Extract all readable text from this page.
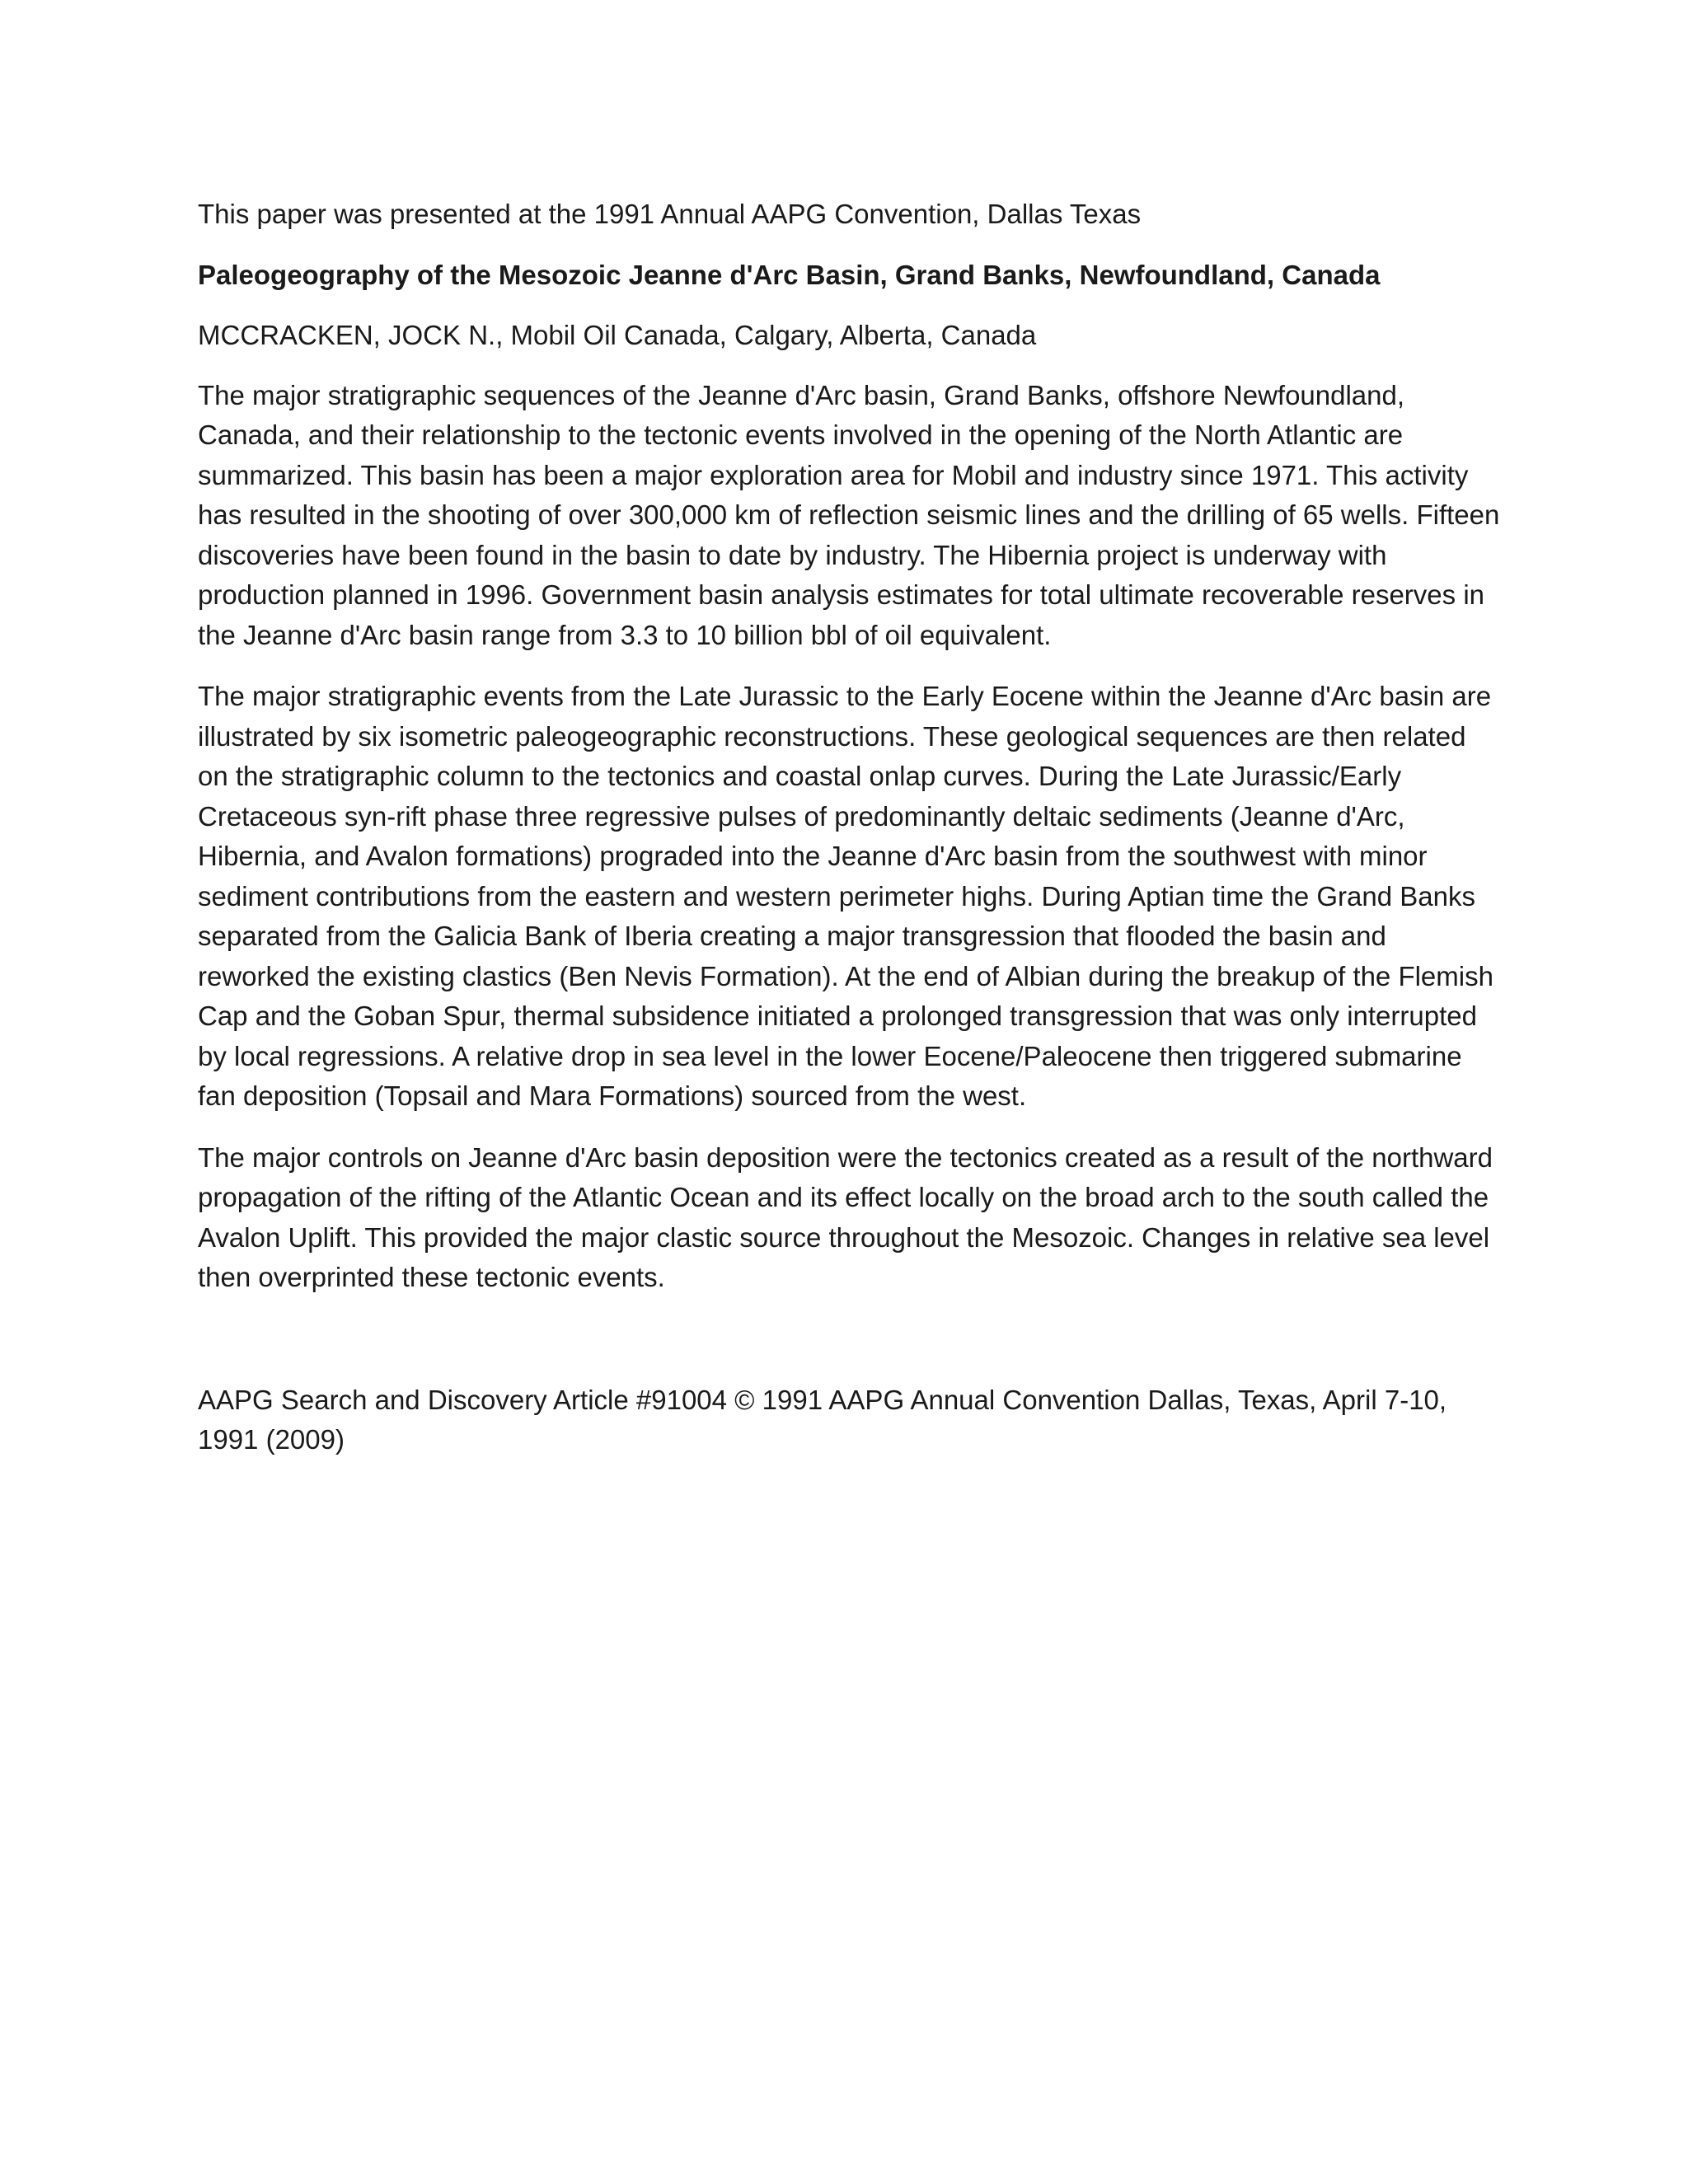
This paper was presented at the 1991 Annual AAPG Convention, Dallas Texas

Paleogeography of the Mesozoic Jeanne d'Arc Basin, Grand Banks, Newfoundland, Canada

MCCRACKEN, JOCK N., Mobil Oil Canada, Calgary, Alberta, Canada

The major stratigraphic sequences of the Jeanne d'Arc basin, Grand Banks, offshore Newfoundland, Canada, and their relationship to the tectonic events involved in the opening of the North Atlantic are summarized. This basin has been a major exploration area for Mobil and industry since 1971. This activity has resulted in the shooting of over 300,000 km of reflection seismic lines and the drilling of 65 wells. Fifteen discoveries have been found in the basin to date by industry. The Hibernia project is underway with production planned in 1996. Government basin analysis estimates for total ultimate recoverable reserves in the Jeanne d'Arc basin range from 3.3 to 10 billion bbl of oil equivalent.

The major stratigraphic events from the Late Jurassic to the Early Eocene within the Jeanne d'Arc basin are illustrated by six isometric paleogeographic reconstructions. These geological sequences are then related on the stratigraphic column to the tectonics and coastal onlap curves. During the Late Jurassic/Early Cretaceous syn-rift phase three regressive pulses of predominantly deltaic sediments (Jeanne d'Arc, Hibernia, and Avalon formations) prograded into the Jeanne d'Arc basin from the southwest with minor sediment contributions from the eastern and western perimeter highs. During Aptian time the Grand Banks separated from the Galicia Bank of Iberia creating a major transgression that flooded the basin and reworked the existing clastics (Ben Nevis Formation). At the end of Albian during the breakup of the Flemish Cap and the Goban Spur, thermal subsidence initiated a prolonged transgression that was only interrupted by local regressions. A relative drop in sea level in the lower Eocene/Paleocene then triggered submarine fan deposition (Topsail and Mara Formations) sourced from the west.

The major controls on Jeanne d'Arc basin deposition were the tectonics created as a result of the northward propagation of the rifting of the Atlantic Ocean and its effect locally on the broad arch to the south called the Avalon Uplift. This provided the major clastic source throughout the Mesozoic. Changes in relative sea level then overprinted these tectonic events.

AAPG Search and Discovery Article #91004 © 1991 AAPG Annual Convention Dallas, Texas, April 7-10, 1991 (2009)
